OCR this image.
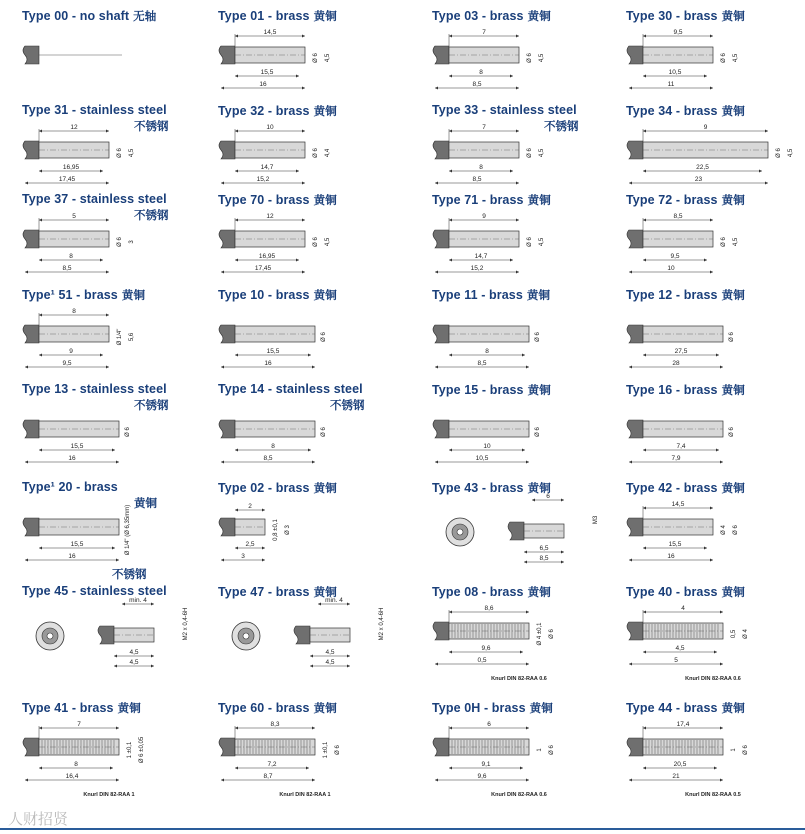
Type 00 - no shaft 无轴	Type 01 - brass 黄铜
14,5
15,5
16
Ø 6 4,5
Type 03 - brass 黄铜
7
8
8,5
Ø 6 4,5
Type 30 - brass 黄铜
9,5
10,5
11
Ø 6 4,5
Type 31 - stainless steel
不锈钢
12
16,95
17,45
Ø 6 4,5
Type 32 - brass 黄铜
10
14,7
15,2
Ø 6 4,4
Type 33 - stainless steel
不锈钢
7
8
8,5
Ø 6 4,5
Type 34 - brass 黄铜
9
22,5
23
Ø 6 4,5
Type 37 - stainless steel
不锈钢
5
8
8,5
Ø 6 3
Type 70 - brass 黄铜
12
16,95
17,45
Ø 6 4,5
Type 71 - brass 黄铜
9
14,7
15,2
Ø 6 4,5
Type 72 - brass 黄铜
8,5
9,5
10
Ø 6 4,5
Type¹ 51 - brass 黄铜
8
9
9,5
Ø 1/4" 5,6
Type 10 - brass 黄铜
15,5
16
Ø 6
Type 11 - brass 黄铜
8
8,5
Ø 6
Type 12 - brass 黄铜
27,5
28
Ø 6
Type 13 - stainless steel
不锈钢
15,5
16
Ø 6
Type 14 - stainless steel
不锈钢
8
8,5
Ø 6
Type 15 - brass 黄铜
10
10,5
Ø 6
Type 16 - brass 黄铜
7,4
7,9
Ø 6
Type¹ 20 - brass
黄铜
15,5
16
Ø 1/4" (Ø 6,35mm)
Type 02 - brass 黄铜
2
2,5
3
0,8 ±0,1 Ø 3
Type 43 - brass 黄铜
6,5
6
8,5
M3
Type 42 - brass 黄铜
14,5
15,5
16
Ø 4 Ø 6
Type 45 - stainless steel
不锈钢
4,5
min. 4
4,5
M2 x 0,4-6H
Type 47 - brass 黄铜
4,5
min. 4
4,5
M2 x 0,4-6H
Type 08 - brass 黄铜
8,6
9,6
0,5
Ø 4 ±0,1 Ø 6
Knurl DIN 82-RAA 0.6
Type 40 - brass 黄铜
4
4,5
5
0,5 Ø 4
Knurl DIN 82-RAA 0.6
Type 41 - brass 黄铜
7
8
16,4
1 ±0,1 Ø 6 ±0,05
Knurl DIN 82-RAA 1
Type 60 - brass 黄铜
8,3
7,2
8,7
1 ±0,1 Ø 6
Knurl DIN 82-RAA 1
Type 0H - brass 黄铜
6
9,1
9,6
1 Ø 6
Knurl DIN 82-RAA 0.6
Type 44 - brass 黄铜
17,4
20,5
21
1 Ø 6
Knurl DIN 82-RAA 0.5
人财招贤
